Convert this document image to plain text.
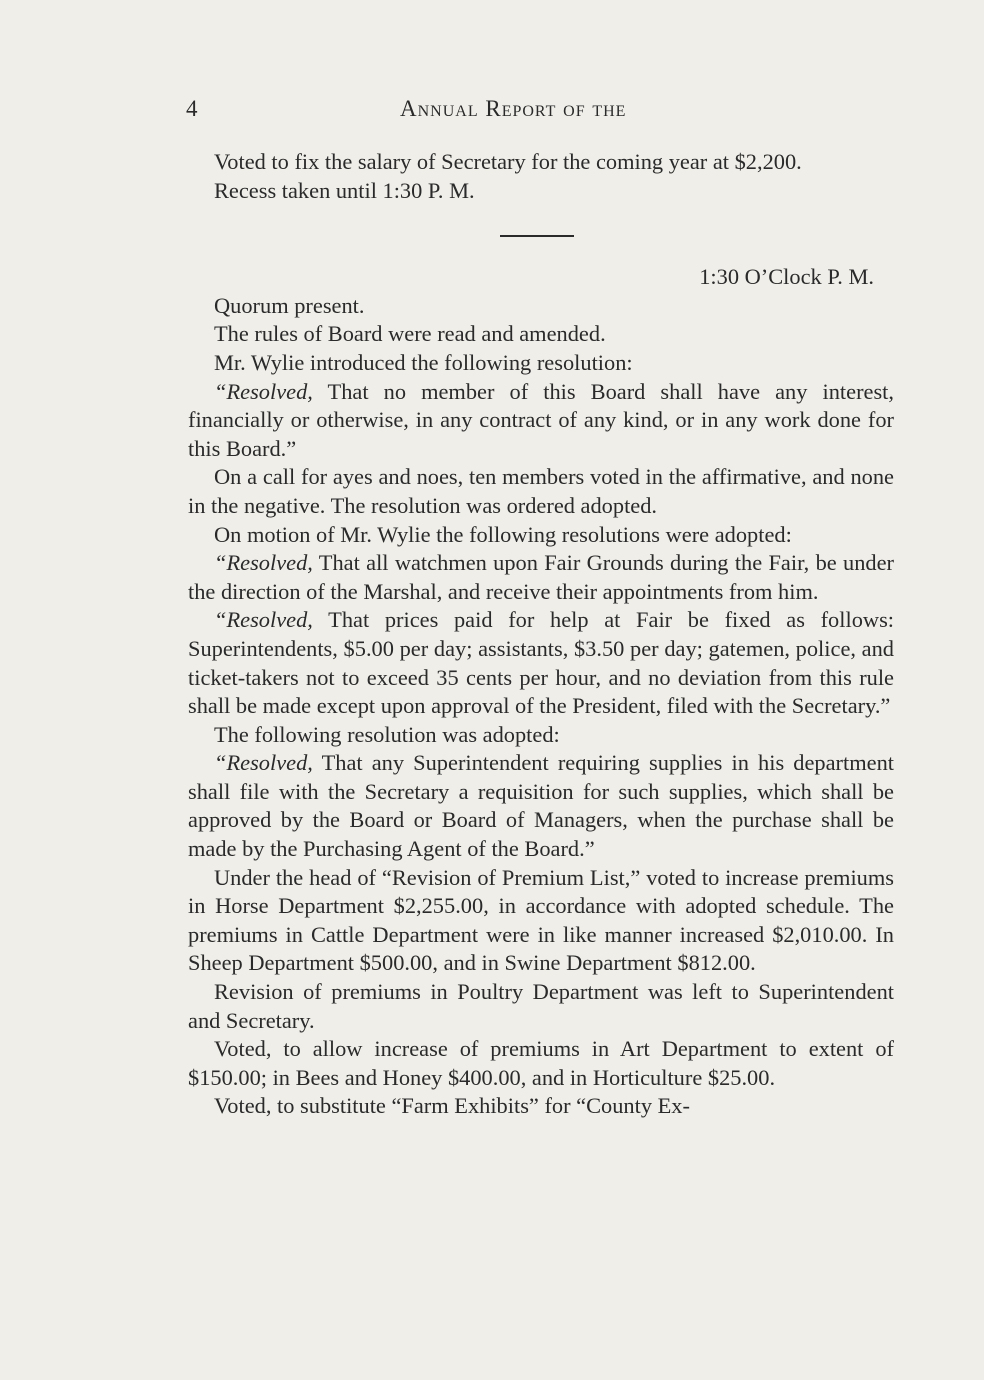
4	Annual Report of the

Voted to fix the salary of Secretary for the coming year at $2,200.

Recess taken until 1:30 P. M.

1:30 O’Clock P. M.

Quorum present.

The rules of Board were read and amended.

Mr. Wylie introduced the following resolution:

“Resolved, That no member of this Board shall have any interest, financially or otherwise, in any contract of any kind, or in any work done for this Board.”

On a call for ayes and noes, ten members voted in the affirmative, and none in the negative. The resolution was ordered adopted.

On motion of Mr. Wylie the following resolutions were adopted:

“Resolved, That all watchmen upon Fair Grounds during the Fair, be under the direction of the Marshal, and receive their appointments from him.

“Resolved, That prices paid for help at Fair be fixed as follows: Superintendents, $5.00 per day; assistants, $3.50 per day; gatemen, police, and ticket-takers not to exceed 35 cents per hour, and no deviation from this rule shall be made except upon approval of the President, filed with the Secretary.”

The following resolution was adopted:

“Resolved, That any Superintendent requiring supplies in his department shall file with the Secretary a requisition for such supplies, which shall be approved by the Board or Board of Managers, when the purchase shall be made by the Purchasing Agent of the Board.”

Under the head of “Revision of Premium List,” voted to increase premiums in Horse Department $2,255.00, in accordance with adopted schedule. The premiums in Cattle Department were in like manner increased $2,010.00. In Sheep Department $500.00, and in Swine Department $812.00.

Revision of premiums in Poultry Department was left to Superintendent and Secretary.

Voted, to allow increase of premiums in Art Department to extent of $150.00; in Bees and Honey $400.00, and in Horticulture $25.00.

Voted, to substitute “Farm Exhibits” for “County Ex-
